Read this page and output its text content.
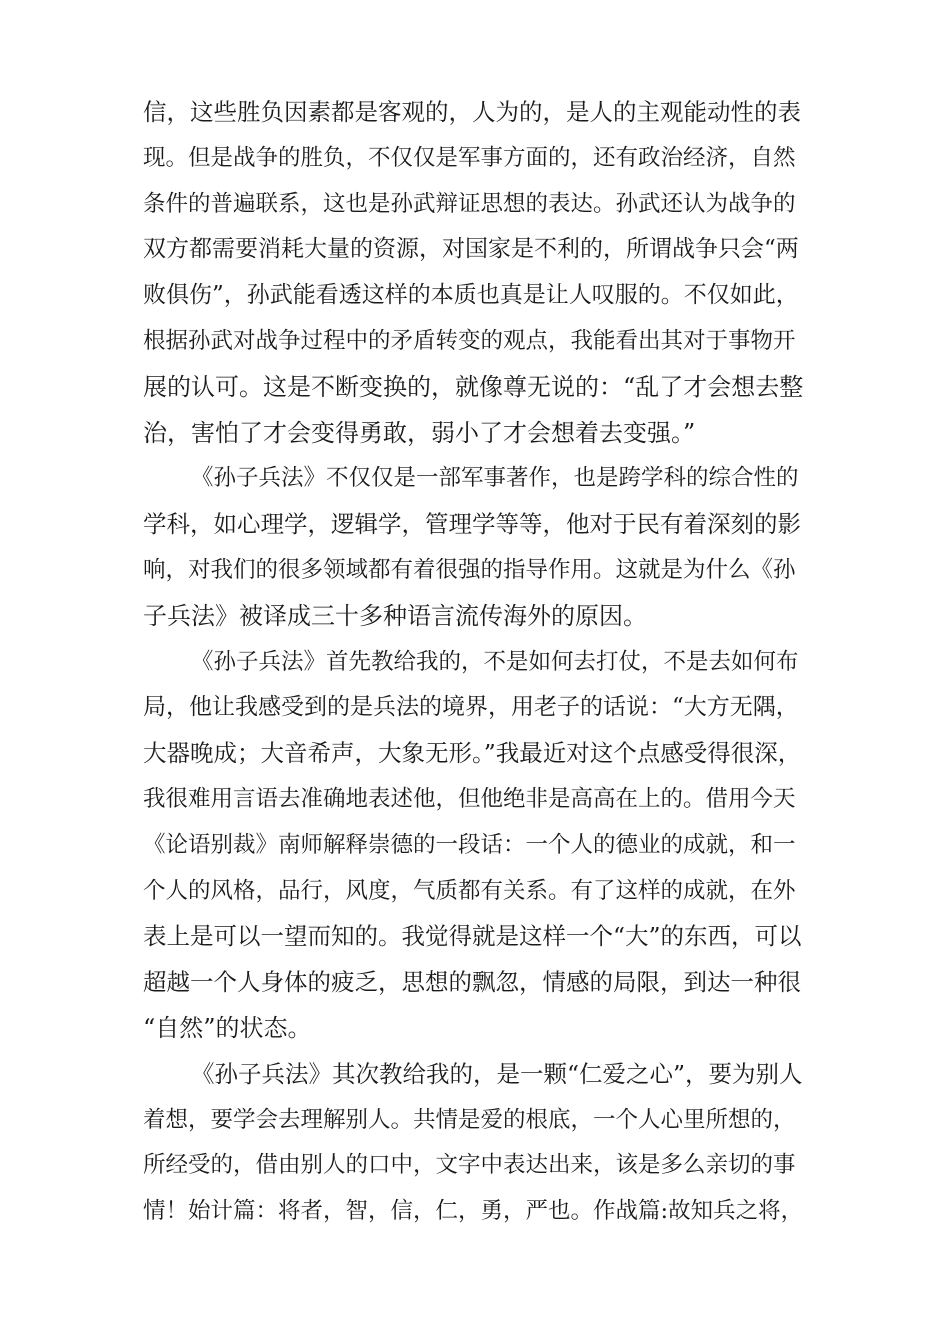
信，这些胜负因素都是客观的，人为的，是人的主观能动性的表
现。但是战争的胜负，不仅仅是军事方面的，还有政治经济，自然
条件的普遍联系，这也是孙武辩证思想的表达。孙武还认为战争的
双方都需要消耗大量的资源，对国家是不利的，所谓战争只会“两
败俱伤”，孙武能看透这样的本质也真是让人叹服的。不仅如此，
根据孙武对战争过程中的矛盾转变的观点，我能看出其对于事物开
展的认可。这是不断变换的，就像尊无说的：“乱了才会想去整
治，害怕了才会变得勇敢，弱小了才会想着去变强。”
《孙子兵法》不仅仅是一部军事著作，也是跨学科的综合性的
学科，如心理学，逻辑学，管理学等等，他对于民有着深刻的影
响，对我们的很多领域都有着很强的指导作用。这就是为什么《孙
子兵法》被译成三十多种语言流传海外的原因。
《孙子兵法》首先教给我的，不是如何去打仗，不是去如何布
局，他让我感受到的是兵法的境界，用老子的话说：“大方无隅，
大器晚成；大音希声，大象无形。”我最近对这个点感受得很深，
我很难用言语去准确地表述他，但他绝非是高高在上的。借用今天
《论语别裁》南师解释崇德的一段话：一个人的德业的成就，和一
个人的风格，品行，风度，气质都有关系。有了这样的成就，在外
表上是可以一望而知的。我觉得就是这样一个“大”的东西，可以
超越一个人身体的疲乏，思想的飘忽，情感的局限，到达一种很
“自然”的状态。
《孙子兵法》其次教给我的，是一颗“仁爱之心”，要为别人
着想，要学会去理解别人。共情是爱的根底，一个人心里所想的，
所经受的，借由别人的口中，文字中表达出来，该是多么亲切的事
情！始计篇：将者，智，信，仁，勇，严也。作战篇:故知兵之将，
